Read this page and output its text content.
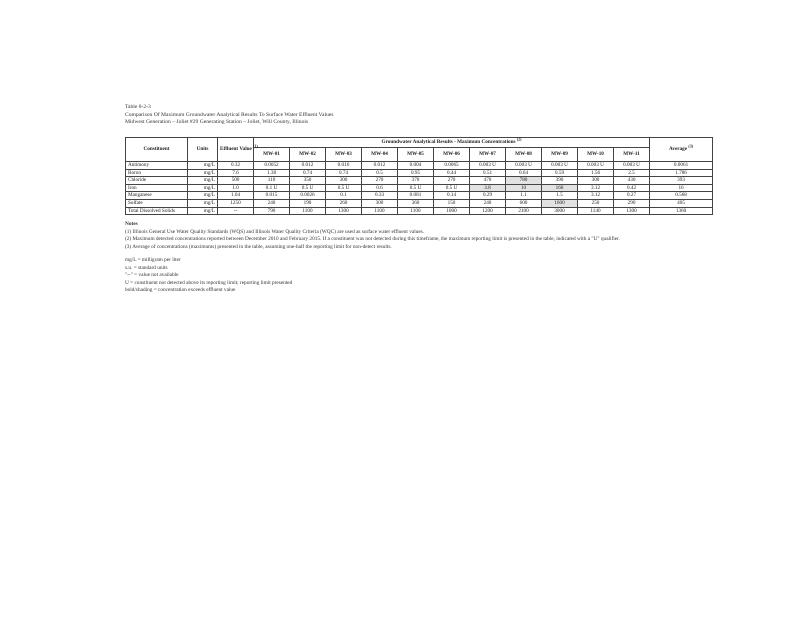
Table 8-2-3
Comparison Of Maximum Groundwater Analytical Results To Surface Water Effluent Values
Midwest Generation – Joliet #29 Generating Station – Joliet, Will County, Illinois
Constituent	Units	Effluent Value $^{(1)}$	Groundwater Analytical Results - Maximum Concentrations $^{(2)}$											Average $^{(3)}$
			MW-01	MW-02	MW-03	MW-04	MW-05	MW-06	MW-07	MW-08	MW-09	MW-10	MW-11	
Antimony	mg/L	0.32	0.0052	0.012	0.016	0.012	0.004	0.0065	0.003 U	0.003 U	0.003 U	0.003 U	0.003 U	0.0061
Boron	mg/L	7.6	1.38	0.74	0.74	0.5	0.95	0.44	0.51	0.64	0.59	1.56	2.5	1.786
Chloride	mg/L	500	110	350	300	270	370	270	470	780	390	300	430	393
Iron	mg/L	1.0	0.1 U	0.5 U	0.5 U	0.6	0.5 U	0.5 U	3.8	10	160	3.12	0.42	16
Manganese	mg/L	1.04	0.015	0.0026	0.1	0.33	0.081	0.14	0.29	1.1	1.5	3.12	0.27	0.568
Sulfate	mg/L	1250	240	190	260	300	360	150	240	600	1600	250	290	405
Total Dissolved Solids	mg/L	--	790	1100	1300	1100	1100	1000	1200	2100	3000	1140	1300	1360
Notes
(1) Illinois General Use Water Quality Standards (WQS) and Illinois Water Quality Criteria (WQC) are used as surface water effluent values.
(2) Maximum detected concentrations reported between December 2010 and February 2015. If a constituent was not detected during this timeframe, the maximum reporting limit is presented in the table, indicated with a "U" qualifier.
(3) Average of concentrations (maximums) presented in the table, assuming one-half the reporting limit for non-detect results.
mg/L = milligram per liter
s.u. = standard units
"--" = value not available
U = constituent not detected above its reporting limit; reporting limit presented
bold/shading = concentration exceeds effluent value
